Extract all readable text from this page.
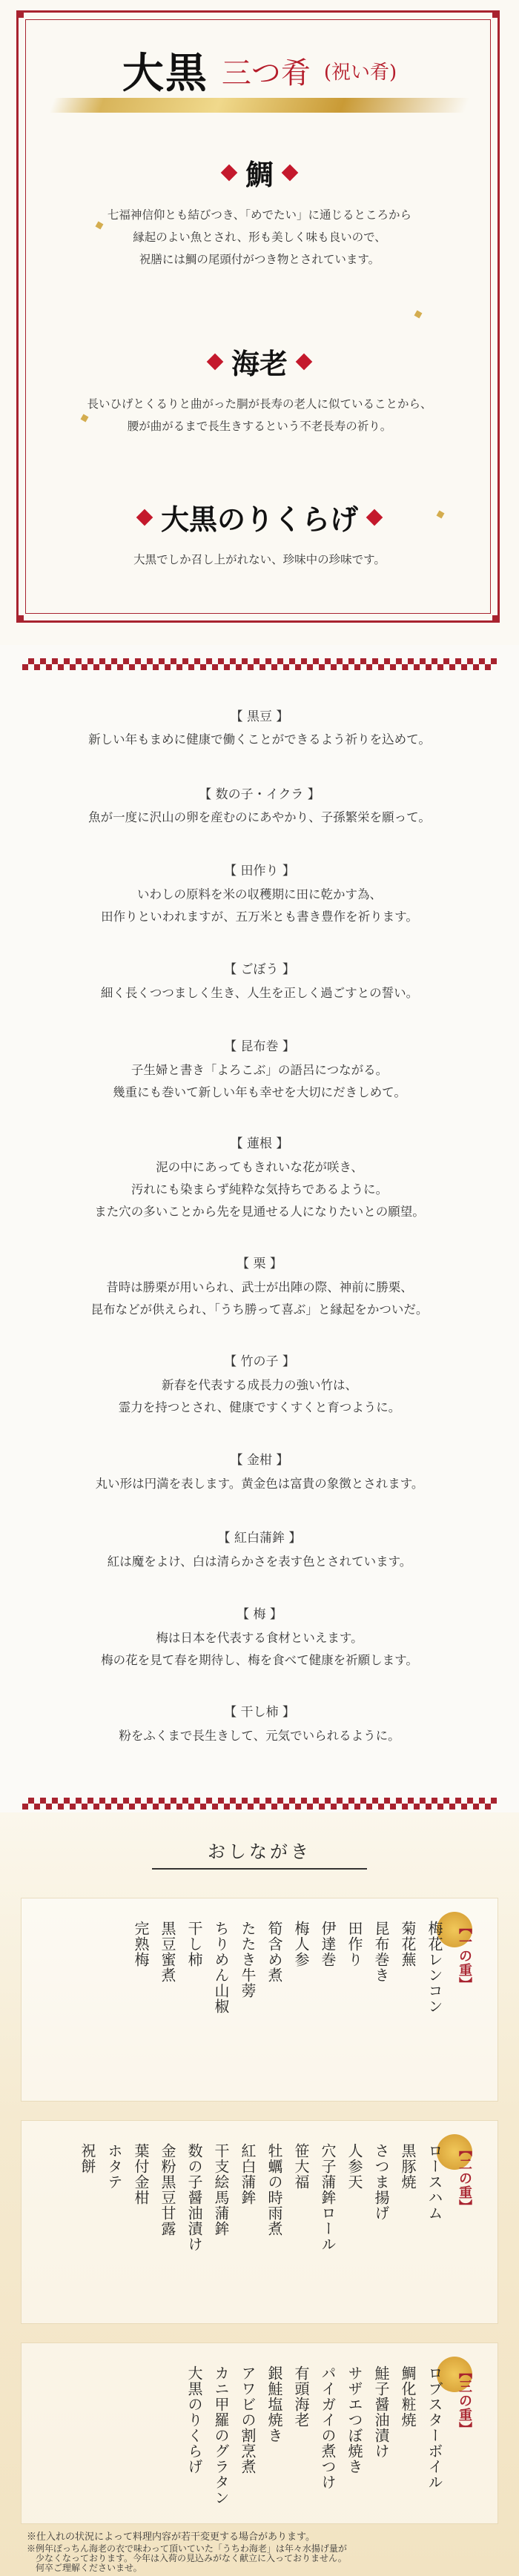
大黒 三つ肴 (祝い肴)
鯛
七福神信仰とも結びつき、「めでたい」に通じるところから
縁起のよい魚とされ、形も美しく味も良いので、
祝膳には鯛の尾頭付がつき物とされています。
海老
長いひげとくるりと曲がった胴が長寿の老人に似ていることから、
腰が曲がるまで長生きするという不老長寿の祈り。
大黒のりくらげ
大黒でしか召し上がれない、珍味中の珍味です。
【 黒豆 】
新しい年もまめに健康で働くことができるよう祈りを込めて。
【 数の子・イクラ 】
魚が一度に沢山の卵を産むのにあやかり、子孫繁栄を願って。
【 田作り 】
いわしの原料を米の収穫期に田に乾かす為、
田作りといわれますが、五万米とも書き豊作を祈ります。
【 ごぼう 】
細く長くつつましく生き、人生を正しく過ごすとの誓い。
【 昆布巻 】
子生婦と書き「よろこぶ」の語呂につながる。
幾重にも巻いて新しい年も幸せを大切にだきしめて。
【 蓮根 】
泥の中にあってもきれいな花が咲き、
汚れにも染まらず純粋な気持ちであるように。
また穴の多いことから先を見通せる人になりたいとの願望。
【 栗 】
昔時は勝栗が用いられ、武士が出陣の際、神前に勝栗、
昆布などが供えられ、「うち勝って喜ぶ」と縁起をかついだ。
【 竹の子 】
新春を代表する成長力の強い竹は、
霊力を持つとされ、健康ですくすくと育つように。
【 金柑 】
丸い形は円満を表します。黄金色は富貴の象徴とされます。
【 紅白蒲鉾 】
紅は魔をよけ、白は清らかさを表す色とされています。
【 梅 】
梅は日本を代表する食材といえます。
梅の花を見て春を期待し、梅を食べて健康を祈願します。
【 干し柿 】
粉をふくまで長生きして、元気でいられるように。
おしながき
【一の重】
梅花レンコン
菊花蕪
昆布巻き
田作り
伊達巻
梅人参
筍含め煮
たたき牛蒡
ちりめん山椒
干し柿
黒豆蜜煮
完熟梅
【二の重】
ロースハム
黒豚焼
さつま揚げ
人参天
穴子蒲鉾ロール
笹大福
牡蠣の時雨煮
紅白蒲鉾
干支絵馬蒲鉾
数の子醤油漬け
金粉黒豆甘露
葉付金柑
ホタテ
祝餅
【三の重】
ロブスターボイル
鯛化粧焼
鮭子醤油漬け
サザエつぼ焼き
パイガイの煮つけ
有頭海老
銀鮭塩焼き
アワビの割烹煮
カニ甲羅のグラタン
大黒のりくらげ
※仕入れの状況によって料理内容が若干変更する場合があります。
※例年ぽっちん海老の衣で味わって頂いていた「うちわ海老」は年々水揚げ量が
　少なくなっております。今年は入荷の見込みがなく献立に入っておりません。
　何卒ご理解くださいませ。
